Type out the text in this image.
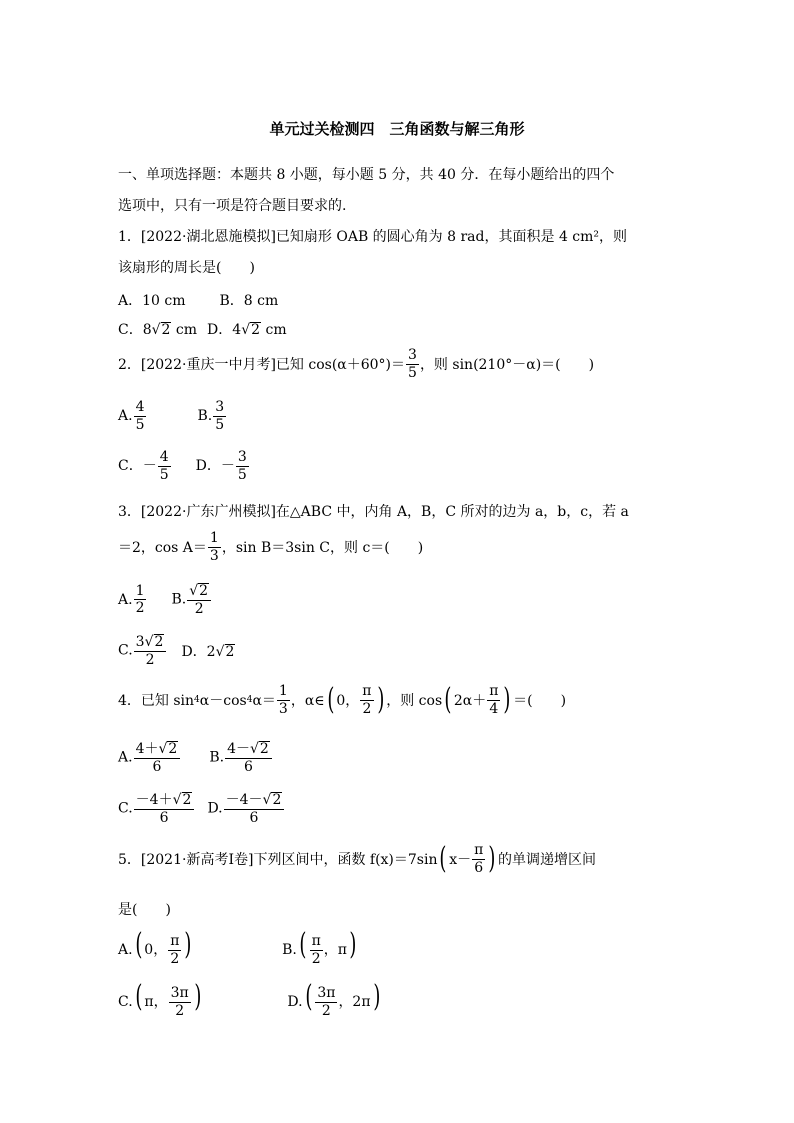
单元过关检测四　三角函数与解三角形
一、单项选择题：本题共 8 小题，每小题 5 分，共 40 分．在每小题给出的四个
选项中，只有一项是符合题目要求的.
1．[2022·湖北恩施模拟]已知扇形 OAB 的圆心角为 8 rad，其面积是 4 cm²，则
该扇形的周长是(　　)
A．10 cm B．8 cm
C．8 √ 2 cm D．4 √ 2 cm
2．[2022·重庆一中月考]已知 $\cos(\alpha+60^\circ)= \frac{3}{5}$ ，则 sin(210°－α)＝(　　)
A. $\frac{4}{5}$	B. $\frac{3}{5}$
C．－ $\frac{4}{5}$ D．－ $\frac{3}{5}$
3．[2022·广东广州模拟]在△ABC 中，内角 A，B，C 所对的边为 a，b，c，若 a
＝2，$\cos A= \frac{1}{3}$ ，sin B＝3sin C，则 c＝(　　)
A. $\frac{1}{2} B$. $\frac{√ 2}{2}$
C. $\frac{3 √ 2}{2}$ D．2 √ 2
4．已知 sin 4 α－cos 4 $\alpha= \frac{1}{3}$ ，α∈ ( 0， $\frac{\pi}{2}$ ) ，则 cos ( $2\alpha+ \frac{\pi}{4}$ ) ＝(　　)
A. $\frac{4+ √ 2}{6} B$. $\frac{4- √ 2}{6}$
C. $\frac{-4+ √ 2}{6} D$. $\frac{-4- √ 2}{6}$
5．[2021·新高考Ⅰ卷]下列区间中，函数 f(x)＝7sin ( $x- \frac{\pi}{6}$ ) 的单调递增区间
是(　　)
A.( 0， $\frac{\pi}{2}$ )	$B.( \frac{\pi}{2}$ ，π)
C.( π， $\frac{3\pi}{2}$ )	$D.( \frac{3\pi}{2}$ ，2π)
